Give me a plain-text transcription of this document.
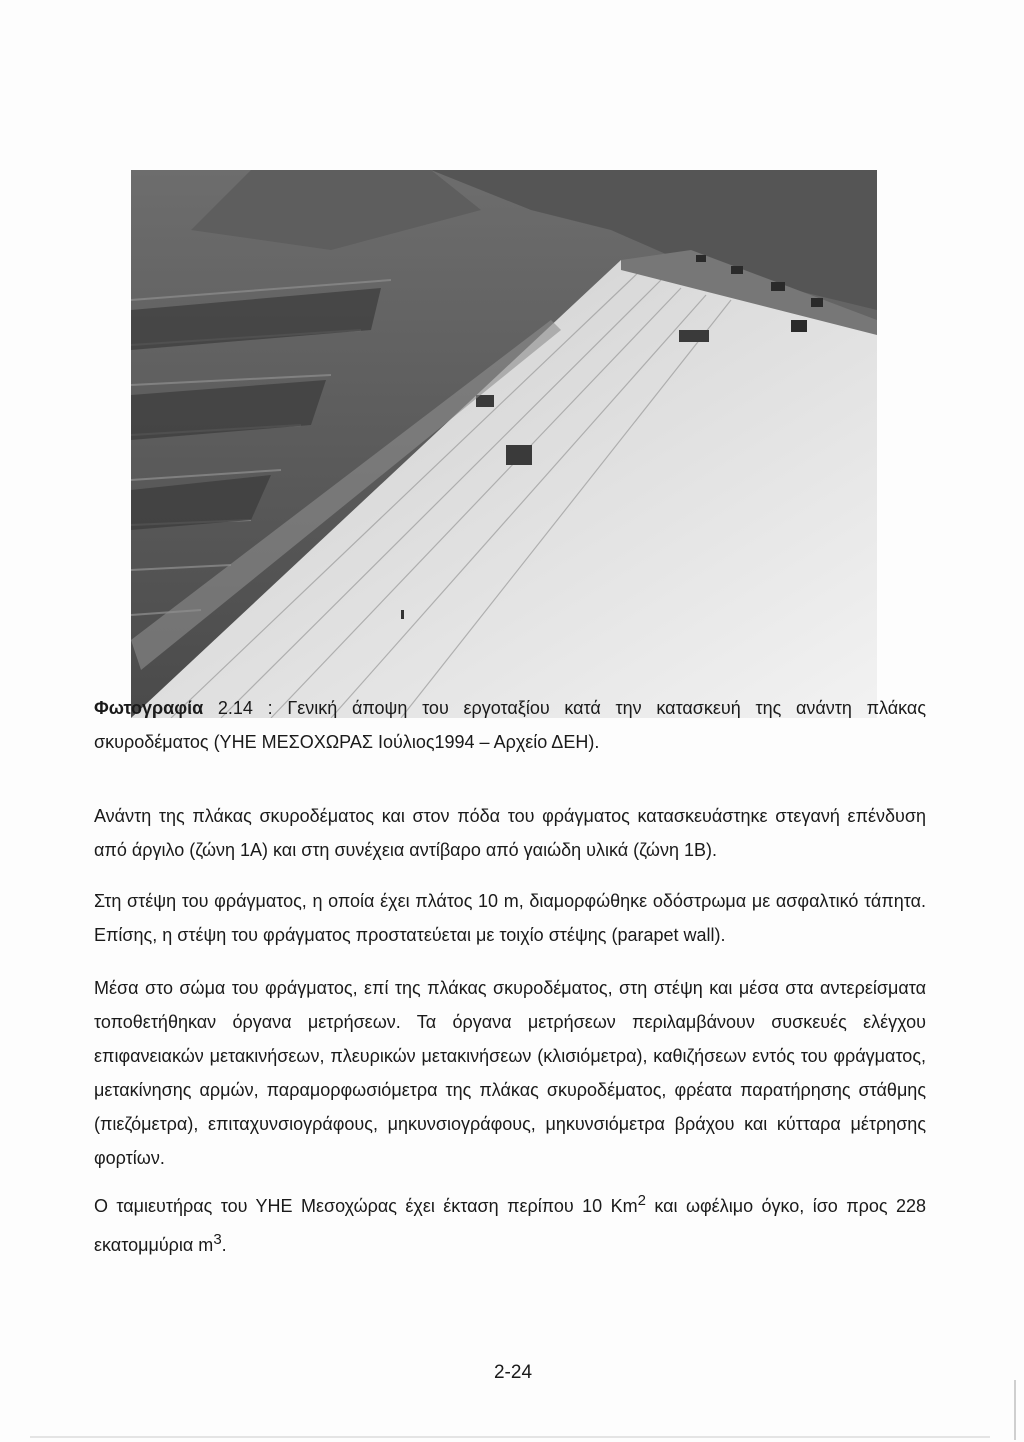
Φωτογραφία 2.14 : Γενική άποψη του εργοταξίου κατά την κατασκευή της ανάντη πλάκας σκυροδέματος (ΥΗΕ ΜΕΣΟΧΩΡΑΣ Ιούλιος1994 – Αρχείο ΔΕΗ).
Ανάντη της πλάκας σκυροδέματος και στον πόδα του φράγματος κατασκευάστηκε στεγανή επένδυση από άργιλο (ζώνη 1Α) και στη συνέχεια αντίβαρο από γαιώδη υλικά (ζώνη 1Β).
Στη στέψη του φράγματος, η οποία έχει πλάτος 10 m, διαμορφώθηκε οδόστρωμα με ασφαλτικό τάπητα. Επίσης, η στέψη του φράγματος προστατεύεται με τοιχίο στέψης (parapet wall).
Μέσα στο σώμα του φράγματος, επί της πλάκας σκυροδέματος, στη στέψη και μέσα στα αντερείσματα τοποθετήθηκαν όργανα μετρήσεων. Τα όργανα μετρήσεων περιλαμβάνουν συσκευές ελέγχου επιφανειακών μετακινήσεων, πλευρικών μετακινήσεων (κλισιόμετρα), καθιζήσεων εντός του φράγματος, μετακίνησης αρμών, παραμορφωσιόμετρα της πλάκας σκυροδέματος, φρέατα παρατήρησης στάθμης (πιεζόμετρα), επιταχυνσιογράφους, μηκυνσιογράφους, μηκυνσιόμετρα βράχου και κύτταρα μέτρησης φορτίων.
Ο ταμιευτήρας του ΥΗΕ Μεσοχώρας έχει έκταση περίπου 10 Km$^2$ και ωφέλιμο όγκο, ίσο προς 228 εκατομμύρια $m^3$.
2-24
